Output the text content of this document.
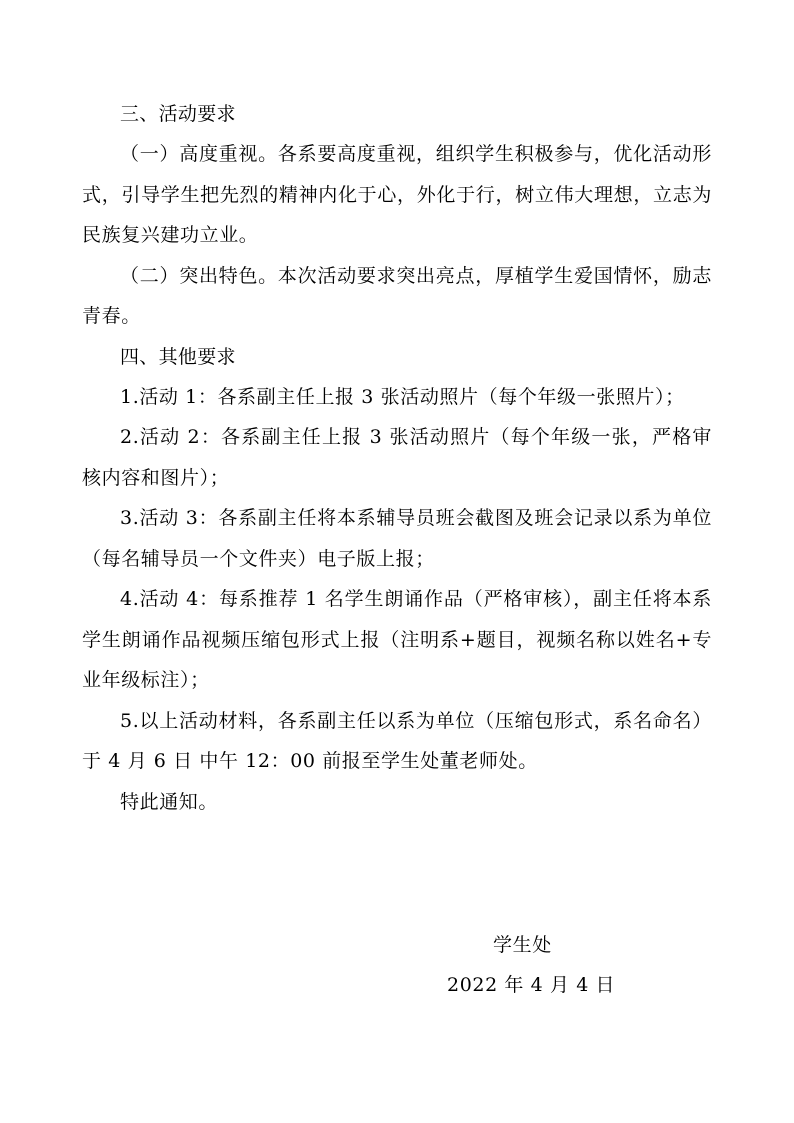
三、活动要求

（一）高度重视。各系要高度重视，组织学生积极参与，优化活动形式，引导学生把先烈的精神内化于心，外化于行，树立伟大理想，立志为民族复兴建功立业。

（二）突出特色。本次活动要求突出亮点，厚植学生爱国情怀，励志青春。

四、其他要求

1.活动 1：各系副主任上报 3 张活动照片（每个年级一张照片）；

2.活动 2：各系副主任上报 3 张活动照片（每个年级一张，严格审核内容和图片）；

3.活动 3：各系副主任将本系辅导员班会截图及班会记录以系为单位（每名辅导员一个文件夹）电子版上报；

4.活动 4：每系推荐 1 名学生朗诵作品（严格审核），副主任将本系学生朗诵作品视频压缩包形式上报（注明系+题目，视频名称以姓名+专业年级标注）；

5.以上活动材料，各系副主任以系为单位（压缩包形式，系名命名）于 4 月 6 日 中午 12：00 前报至学生处董老师处。

特此通知。

学生处
2022 年 4 月 4 日
